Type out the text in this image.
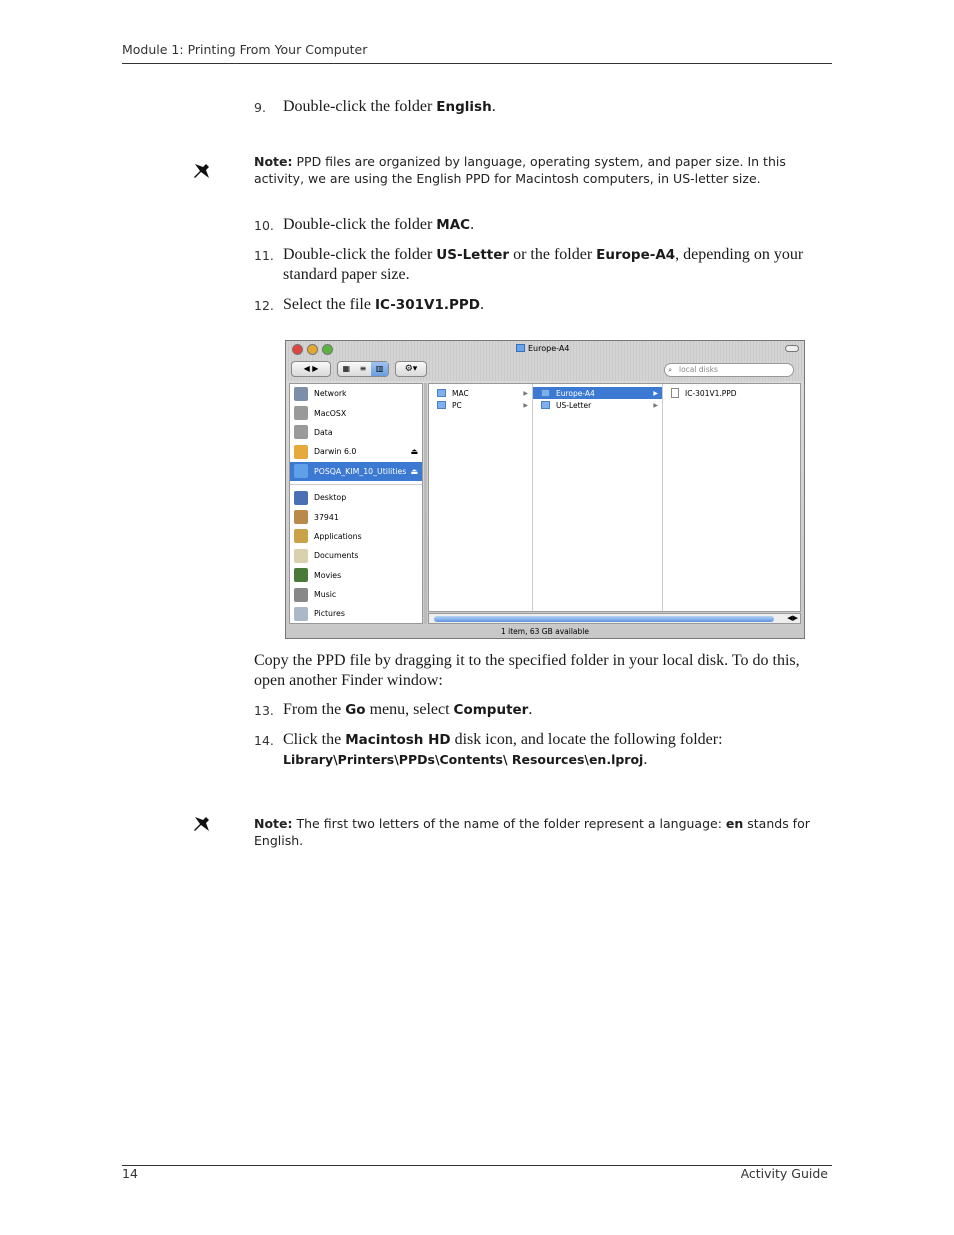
Module 1: Printing From Your Computer
9. Double-click the folder English.
Note: PPD files are organized by language, operating system, and paper size. In this activity, we are using the English PPD for Macintosh computers, in US-letter size.
10. Double-click the folder MAC.
11. Double-click the folder US-Letter or the folder Europe-A4, depending on your standard paper size.
12. Select the file IC-301V1.PPD.
Europe-A4
◀ ▶	▦	≡	▥	⚙▾	⌕ local disks
Network
MacOSX
Data
Darwin 6.0	⏏
POSQA_KIM_10_Utilities ⏏
Desktop
37941
Applications
Documents
Movies
Music
Pictures
MAC	▶
PC	▶
Europe-A4	▶
US-Letter	▶
IC-301V1.PPD
◀▶
1 item, 63 GB available
Copy the PPD file by dragging it to the specified folder in your local disk. To do this, open another Finder window:
13. From the Go menu, select Computer.
14. Click the Macintosh HD disk icon, and locate the following folder:
Library\Printers\PPDs\Contents\ Resources\en.lproj.
Note: The first two letters of the name of the folder represent a language: en stands for English.
14	Activity Guide
